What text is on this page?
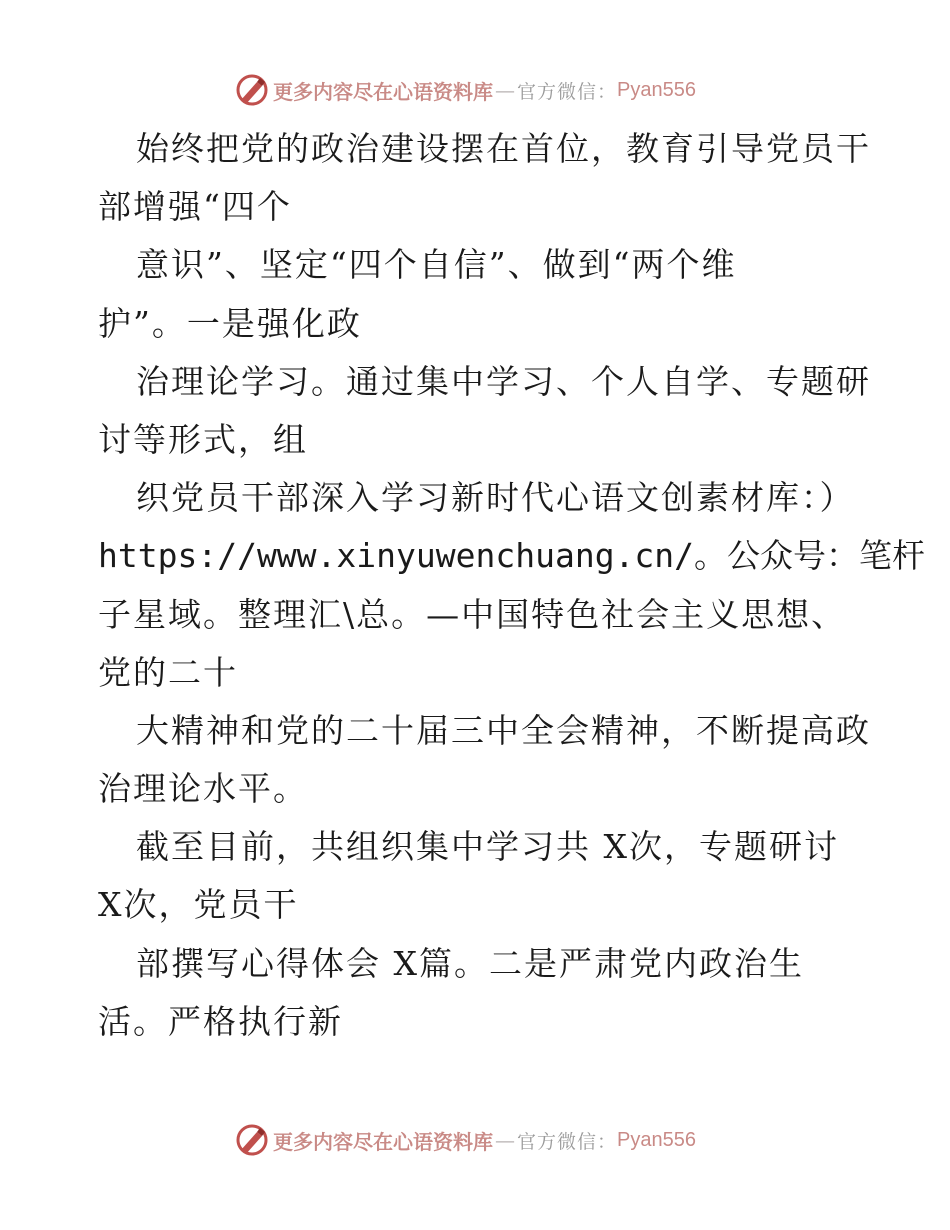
更多内容尽在心语资料库 — 官方微信： Pyan556
始终把党的政治建设摆在首位，教育引导党员干
部增强“四个
意识”、坚定“四个自信”、做到“两个维
护”。一是强化政
治理论学习。通过集中学习、个人自学、专题研
讨等形式，组
织党员干部深入学习新时代心语文创素材库：）
https://www.xinyuwenchuang.cn/。公众号：笔杆
子星域。整理汇\总。—中国特色社会主义思想、
党的二十
大精神和党的二十届三中全会精神，不断提高政
治理论水平。
截至目前，共组织集中学习共 X次，专题研讨
X次，党员干
部撰写心得体会 X篇。二是严肃党内政治生
活。严格执行新
更多内容尽在心语资料库 — 官方微信： Pyan556
